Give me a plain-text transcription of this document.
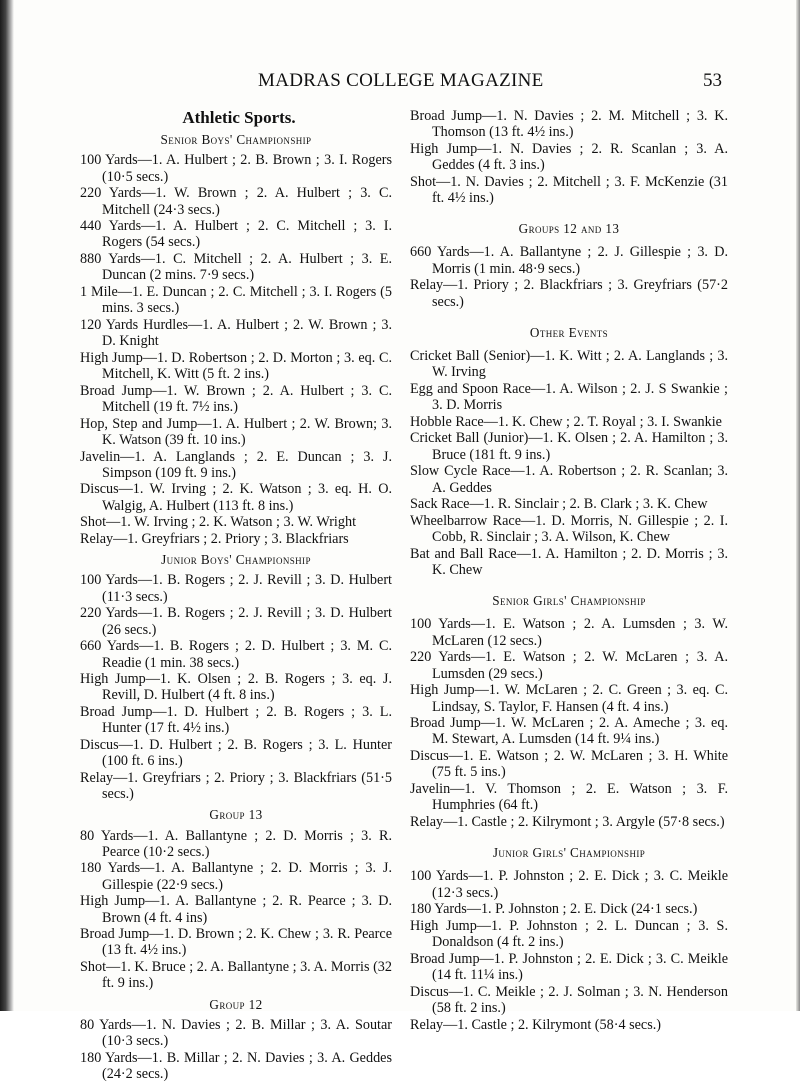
MADRAS COLLEGE MAGAZINE	53
Athletic Sports.
Senior Boys' Championship
100 Yards—1. A. Hulbert ; 2. B. Brown ; 3. I. Rogers (10·5 secs.)
220 Yards—1. W. Brown ; 2. A. Hulbert ; 3. C. Mitchell (24·3 secs.)
440 Yards—1. A. Hulbert ; 2. C. Mitchell ; 3. I. Rogers (54 secs.)
880 Yards—1. C. Mitchell ; 2. A. Hulbert ; 3. E. Duncan (2 mins. 7·9 secs.)
1 Mile—1. E. Duncan ; 2. C. Mitchell ; 3. I. Rogers (5 mins. 3 secs.)
120 Yards Hurdles—1. A. Hulbert ; 2. W. Brown ; 3. D. Knight
High Jump—1. D. Robertson ; 2. D. Morton ; 3. eq. C. Mitchell, K. Witt (5 ft. 2 ins.)
Broad Jump—1. W. Brown ; 2. A. Hulbert ; 3. C. Mitchell (19 ft. 7½ ins.)
Hop, Step and Jump—1. A. Hulbert ; 2. W. Brown; 3. K. Watson (39 ft. 10 ins.)
Javelin—1. A. Langlands ; 2. E. Duncan ; 3. J. Simpson (109 ft. 9 ins.)
Discus—1. W. Irving ; 2. K. Watson ; 3. eq. H. O. Walgig, A. Hulbert (113 ft. 8 ins.)
Shot—1. W. Irving ; 2. K. Watson ; 3. W. Wright
Relay—1. Greyfriars ; 2. Priory ; 3. Blackfriars
Junior Boys' Championship
100 Yards—1. B. Rogers ; 2. J. Revill ; 3. D. Hulbert (11·3 secs.)
220 Yards—1. B. Rogers ; 2. J. Revill ; 3. D. Hulbert (26 secs.)
660 Yards—1. B. Rogers ; 2. D. Hulbert ; 3. M. C. Readie (1 min. 38 secs.)
High Jump—1. K. Olsen ; 2. B. Rogers ; 3. eq. J. Revill, D. Hulbert (4 ft. 8 ins.)
Broad Jump—1. D. Hulbert ; 2. B. Rogers ; 3. L. Hunter (17 ft. 4½ ins.)
Discus—1. D. Hulbert ; 2. B. Rogers ; 3. L. Hunter (100 ft. 6 ins.)
Relay—1. Greyfriars ; 2. Priory ; 3. Blackfriars (51·5 secs.)
Group 13
80 Yards—1. A. Ballantyne ; 2. D. Morris ; 3. R. Pearce (10·2 secs.)
180 Yards—1. A. Ballantyne ; 2. D. Morris ; 3. J. Gillespie (22·9 secs.)
High Jump—1. A. Ballantyne ; 2. R. Pearce ; 3. D. Brown (4 ft. 4 ins)
Broad Jump—1. D. Brown ; 2. K. Chew ; 3. R. Pearce (13 ft. 4½ ins.)
Shot—1. K. Bruce ; 2. A. Ballantyne ; 3. A. Morris (32 ft. 9 ins.)
Group 12
80 Yards—1. N. Davies ; 2. B. Millar ; 3. A. Soutar (10·3 secs.)
180 Yards—1. B. Millar ; 2. N. Davies ; 3. A. Geddes (24·2 secs.)
Broad Jump—1. N. Davies ; 2. M. Mitchell ; 3. K. Thomson (13 ft. 4½ ins.)
High Jump—1. N. Davies ; 2. R. Scanlan ; 3. A. Geddes (4 ft. 3 ins.)
Shot—1. N. Davies ; 2. Mitchell ; 3. F. McKenzie (31 ft. 4½ ins.)
Groups 12 and 13
660 Yards—1. A. Ballantyne ; 2. J. Gillespie ; 3. D. Morris (1 min. 48·9 secs.)
Relay—1. Priory ; 2. Blackfriars ; 3. Greyfriars (57·2 secs.)
Other Events
Cricket Ball (Senior)—1. K. Witt ; 2. A. Langlands ; 3. W. Irving
Egg and Spoon Race—1. A. Wilson ; 2. J. S Swankie ; 3. D. Morris
Hobble Race—1. K. Chew ; 2. T. Royal ; 3. I. Swankie
Cricket Ball (Junior)—1. K. Olsen ; 2. A. Hamilton ; 3. Bruce (181 ft. 9 ins.)
Slow Cycle Race—1. A. Robertson ; 2. R. Scanlan; 3. A. Geddes
Sack Race—1. R. Sinclair ; 2. B. Clark ; 3. K. Chew
Wheelbarrow Race—1. D. Morris, N. Gillespie ; 2. I. Cobb, R. Sinclair ; 3. A. Wilson, K. Chew
Bat and Ball Race—1. A. Hamilton ; 2. D. Morris ; 3. K. Chew
Senior Girls' Championship
100 Yards—1. E. Watson ; 2. A. Lumsden ; 3. W. McLaren (12 secs.)
220 Yards—1. E. Watson ; 2. W. McLaren ; 3. A. Lumsden (29 secs.)
High Jump—1. W. McLaren ; 2. C. Green ; 3. eq. C. Lindsay, S. Taylor, F. Hansen (4 ft. 4 ins.)
Broad Jump—1. W. McLaren ; 2. A. Ameche ; 3. eq. M. Stewart, A. Lumsden (14 ft. 9¼ ins.)
Discus—1. E. Watson ; 2. W. McLaren ; 3. H. White (75 ft. 5 ins.)
Javelin—1. V. Thomson ; 2. E. Watson ; 3. F. Humphries (64 ft.)
Relay—1. Castle ; 2. Kilrymont ; 3. Argyle (57·8 secs.)
Junior Girls' Championship
100 Yards—1. P. Johnston ; 2. E. Dick ; 3. C. Meikle (12·3 secs.)
180 Yards—1. P. Johnston ; 2. E. Dick (24·1 secs.)
High Jump—1. P. Johnston ; 2. L. Duncan ; 3. S. Donaldson (4 ft. 2 ins.)
Broad Jump—1. P. Johnston ; 2. E. Dick ; 3. C. Meikle (14 ft. 11¼ ins.)
Discus—1. C. Meikle ; 2. J. Solman ; 3. N. Henderson (58 ft. 2 ins.)
Relay—1. Castle ; 2. Kilrymont (58·4 secs.)
